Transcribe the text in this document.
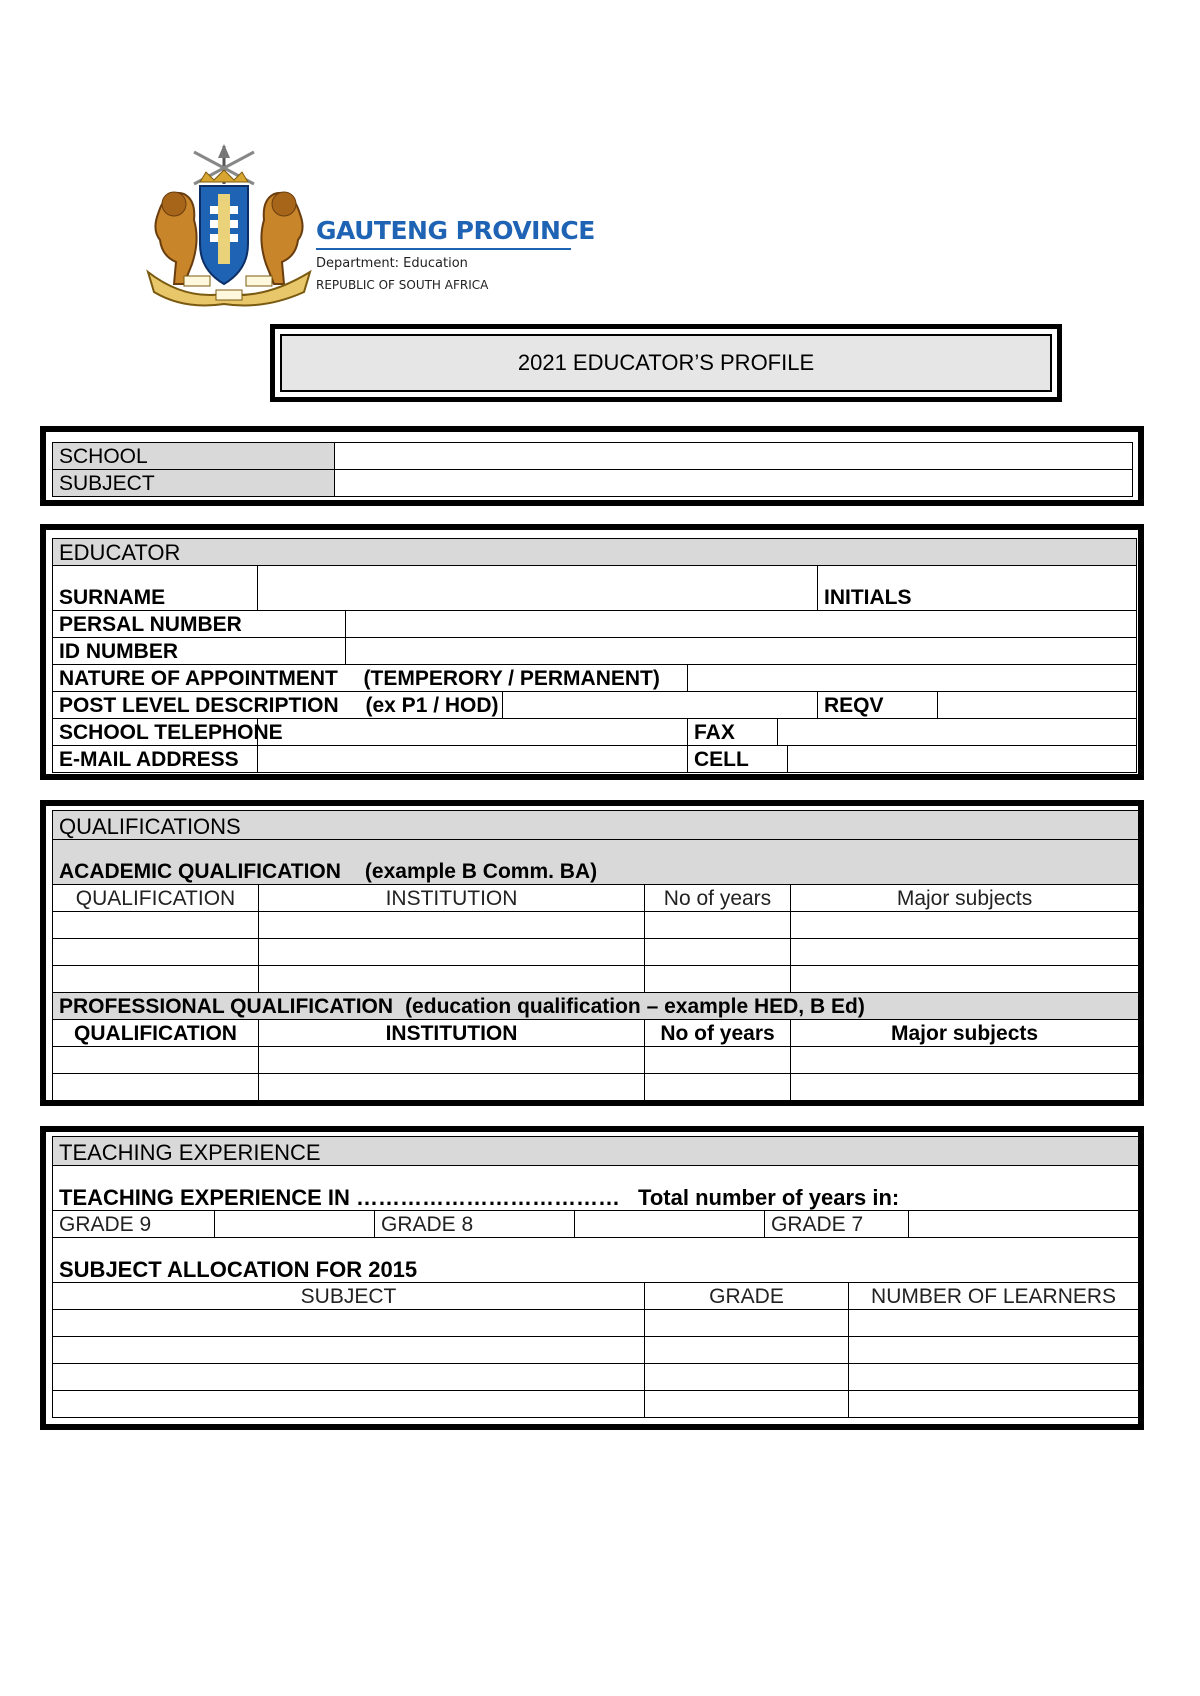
GAUTENG PROVINCE
Department: Education
REPUBLIC OF SOUTH AFRICA
2021 EDUCATOR’S PROFILE
SCHOOL	
SUBJECT	
EDUCATOR								
SURNAME							INITIALS	
PERSAL NUMBER								
ID NUMBER								
NATURE OF APPOINTMENT		(TEMPERORY / PERMANENT)						
POST LEVEL DESCRIPTION		(ex P1 / HOD)					REQV	
SCHOOL TELEPHONE				FAX				
E-MAIL ADDRESS				CELL				
QUALIFICATIONS			
ACADEMIC QUALIFICATION (example B Comm. BA)			
QUALIFICATION	INSTITUTION	No of years	Major subjects

PROFESSIONAL QUALIFICATION (education qualification – example HED, B Ed)			
QUALIFICATION	INSTITUTION	No of years	Major subjects

TEACHING EXPERIENCE							
TEACHING EXPERIENCE IN ……………………………… Total number of years in:							
GRADE 9		GRADE 8			GRADE 7		
SUBJECT ALLOCATION FOR 2015							
SUBJECT				GRADE		NUMBER OF LEARNERS	
